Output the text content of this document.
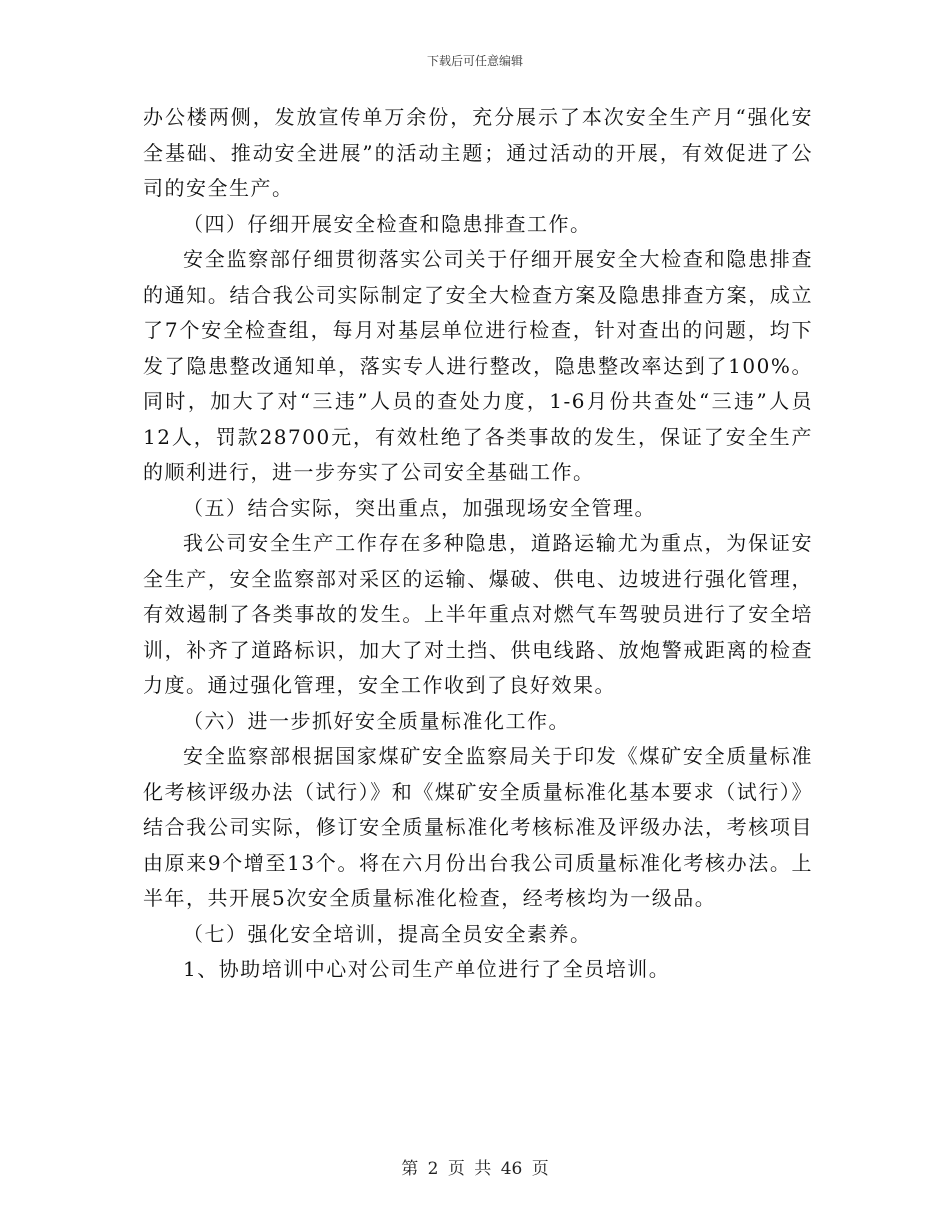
下载后可任意编辑

办公楼两侧，发放宣传单万余份，充分展示了本次安全生产月“强化安全基础、推动安全进展”的活动主题；通过活动的开展，有效促进了公司的安全生产。

（四）仔细开展安全检查和隐患排查工作。

安全监察部仔细贯彻落实公司关于仔细开展安全大检查和隐患排查的通知。结合我公司实际制定了安全大检查方案及隐患排查方案，成立了7个安全检查组，每月对基层单位进行检查，针对查出的问题，均下发了隐患整改通知单，落实专人进行整改，隐患整改率达到了100%。同时，加大了对“三违”人员的查处力度，1-6月份共查处“三违”人员12人，罚款28700元，有效杜绝了各类事故的发生，保证了安全生产的顺利进行，进一步夯实了公司安全基础工作。

（五）结合实际，突出重点，加强现场安全管理。

我公司安全生产工作存在多种隐患，道路运输尤为重点，为保证安全生产，安全监察部对采区的运输、爆破、供电、边坡进行强化管理，有效遏制了各类事故的发生。上半年重点对燃气车驾驶员进行了安全培训，补齐了道路标识，加大了对土挡、供电线路、放炮警戒距离的检查力度。通过强化管理，安全工作收到了良好效果。

（六）进一步抓好安全质量标准化工作。

安全监察部根据国家煤矿安全监察局关于印发《煤矿安全质量标准化考核评级办法（试行）》和《煤矿安全质量标准化基本要求（试行）》结合我公司实际，修订安全质量标准化考核标准及评级办法，考核项目由原来9个增至13个。将在六月份出台我公司质量标准化考核办法。上半年，共开展5次安全质量标准化检查，经考核均为一级品。

（七）强化安全培训，提高全员安全素养。

1、协助培训中心对公司生产单位进行了全员培训。

第 2 页 共 46 页
